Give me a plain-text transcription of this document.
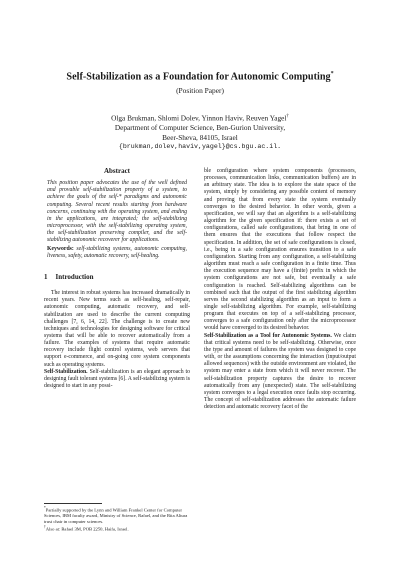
Self-Stabilization as a Foundation for Autonomic Computing*
(Position Paper)
Olga Brukman, Shlomi Dolev, Yinnon Haviv, Reuven Yagel†
Department of Computer Science, Ben-Gurion University,
Beer-Sheva, 84105, Israel
{brukman,dolev,haviv,yagel}@cs.bgu.ac.il.
Abstract
This position paper advocates the use of the well defined and provable self-stabilization property of a system, to achieve the goals of the self-* paradigms and autonomic computing. Several recent results starting from hardware concerns, continuing with the operating system, and ending in the applications, are integrated; the self-stabilizing microprocessor, with the self-stabilizing operating system, the self-stabilization preserving compiler, and the self-stabilizing autonomic recoverer for applications.
Keywords: self-stabilizing systems, autonomic computing, liveness, safety, automatic recovery, self-healing.
1 Introduction

The interest in robust systems has increased dramatically in recent years. New terms such as self-healing, self-repair, autonomic computing, automatic recovery, and self-stabilization are used to describe the current computing challenges [7, 6, 14, 22]. The challenge is to create new techniques and technologies for designing software for critical systems that will be able to recover automatically from a failure. The examples of systems that require automatic recovery include flight control systems, web servers that support e-commerce, and on-going core system components such as operating systems.

Self-Stabilization. Self-stabilization is an elegant approach to designing fault tolerant systems [6]. A self-stabilizing system is designed to start in any possi-

ble configuration where system components (processors, processes, communication links, communication buffers) are in an arbitrary state. The idea is to explore the state space of the system, simply by considering any possible content of memory and proving that from every state the system eventually converges to the desired behavior. In other words, given a specification, we will say that an algorithm is a self-stabilizing algorithm for the given specification if: there exists a set of configurations, called safe configurations, that bring in one of them ensures that the executions that follow respect the specification. In addition, the set of safe configurations is closed, i.e., being in a safe configuration ensures transition to a safe configuration. Starting from any configuration, a self-stabilizing algorithm must reach a safe configuration in a finite time. Thus the execution sequence may have a (finite) prefix in which the system configurations are not safe, but eventually a safe configuration is reached. Self-stabilizing algorithms can be combined such that the output of the first stabilizing algorithm serves the second stabilizing algorithm as an input to form a single self-stabilizing algorithm. For example, self-stabilizing program that executes on top of a self-stabilizing processor, converges to a safe configuration only after the microprocessor would have converged to its desired behavior.

Self-Stabilization as a Tool for Autonomic Systems. We claim that critical systems need to be self-stabilizing. Otherwise, once the type and amount of failures the system was designed to cope with, or the assumptions concerning the interaction (input/output allowed sequences) with the outside environment are violated, the system may enter a state from which it will never recover. The self-stabilization property captures the desire to recover automatically from any (unexpected) state. The self-stabilizing system converges to a legal execution once faults stop occurring. The concept of self-stabilization addresses the automatic failure detection and automatic recovery facet of the

*Partially supported by the Lynn and William Frankel Center for Computer Sciences, IBM faculty award, Ministry of Science, Rafael, and the Rita Altura trust chair in computer sciences.
†Also at: Rafael 3M, POB 2250, Haifa, Israel.
